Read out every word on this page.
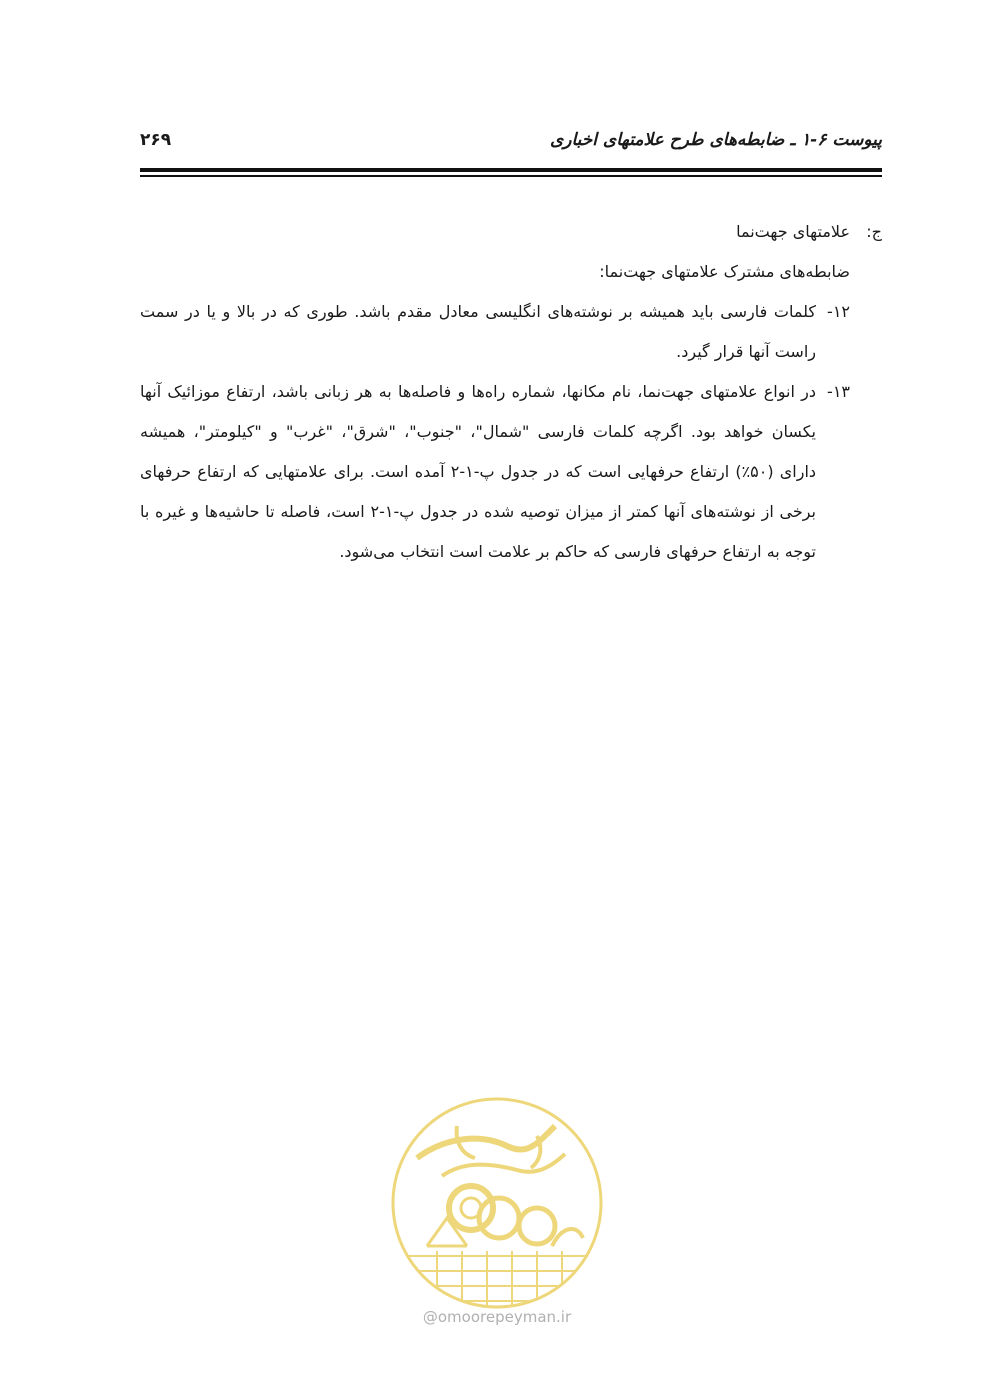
پیوست ۶-۱ ـ ضابطه‌های طرح علامتهای اخباری
۲۶۹
ج:
علامتهای جهت‌نما
ضابطه‌های مشترک علامتهای جهت‌نما:
۱۲-
کلمات فارسی باید همیشه بر نوشته‌های انگلیسی معادل مقدم باشد. طوری که در بالا و یا در سمت راست آنها قرار گیرد.
۱۳-
در انواع علامتهای جهت‌نما، نام مکانها، شماره راه‌ها و فاصله‌ها به هر زبانی باشد، ارتفاع موزائیک آنها یکسان خواهد بود. اگرچه کلمات فارسی "شمال"، "جنوب"، "شرق"، "غرب" و "کیلومتر"، همیشه دارای (۵۰٪) ارتفاع حرفهایی است که در جدول پ-۱-۲ آمده است. برای علامتهایی که ارتفاع حرفهای برخی از نوشته‌های آنها کمتر از میزان توصیه شده در جدول پ-۱-۲ است، فاصله تا حاشیه‌ها و غیره با توجه به ارتفاع حرفهای فارسی که حاکم بر علامت است انتخاب می‌شود.
@omoorepeyman.ir
